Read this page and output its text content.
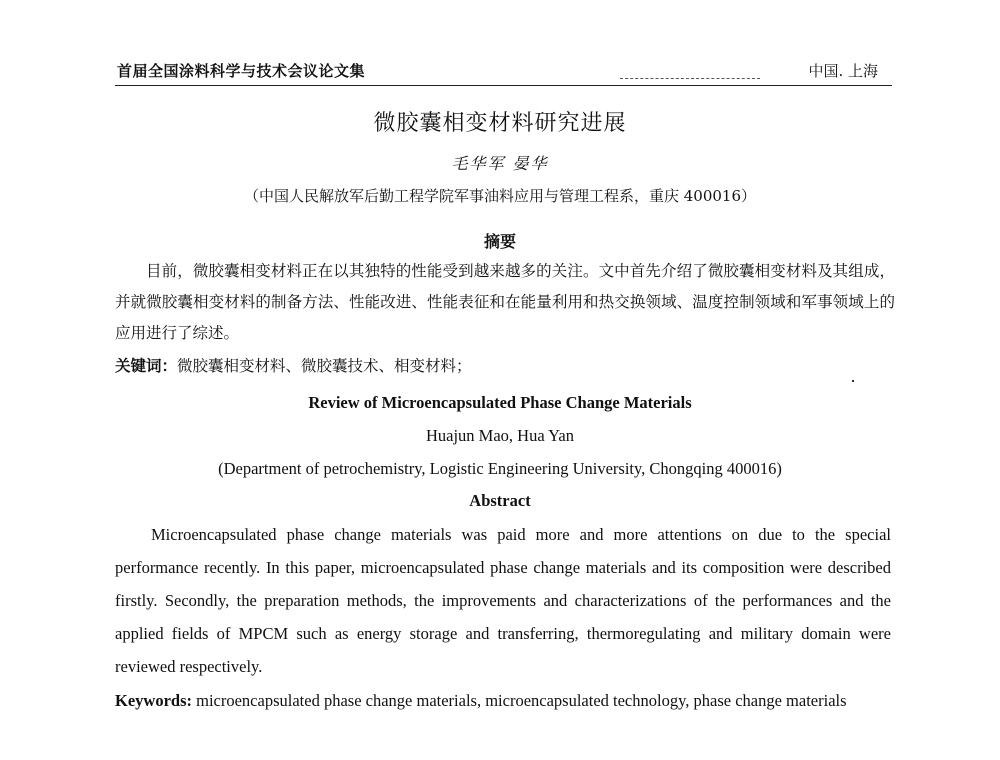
首届全国涂料科学与技术会议论文集	中国. 上海
微胶囊相变材料研究进展
毛华军 晏华
（中国人民解放军后勤工程学院军事油料应用与管理工程系，重庆 400016）
摘要
目前，微胶囊相变材料正在以其独特的性能受到越来越多的关注。文中首先介绍了微胶囊相变材料及其组成，并就微胶囊相变材料的制备方法、性能改进、性能表征和在能量利用和热交换领域、温度控制领域和军事领域上的应用进行了综述。
关键词：微胶囊相变材料、微胶囊技术、相变材料；
Review of Microencapsulated Phase Change Materials
Huajun Mao, Hua Yan
(Department of petrochemistry, Logistic Engineering University, Chongqing 400016)
Abstract
Microencapsulated phase change materials was paid more and more attentions on due to the special performance recently. In this paper, microencapsulated phase change materials and its composition were described firstly. Secondly, the preparation methods, the improvements and characterizations of the performances and the applied fields of MPCM such as energy storage and transferring, thermoregulating and military domain were reviewed respectively.
Keywords: microencapsulated phase change materials, microencapsulated technology, phase change materials
